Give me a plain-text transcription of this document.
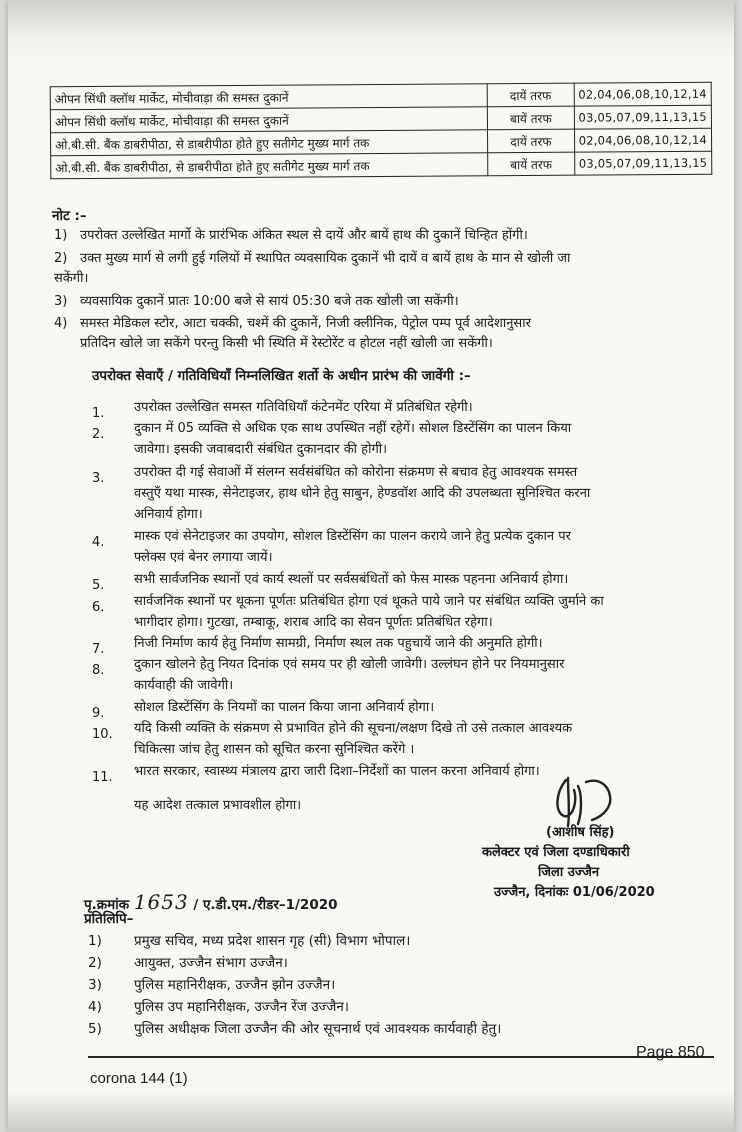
ओपन सिंधी क्लॉथ मार्केट, मोचीवाड़ा की समस्त दुकानें	दायें तरफ	02,04,06,08,10,12,14
ओपन सिंधी क्लॉथ मार्केट, मोचीवाड़ा की समस्त दुकानें	बायें तरफ	03,05,07,09,11,13,15
ओ.बी.सी. बैंक डाबरीपीठा, से डाबरीपीठा होते हुए सतीगेट मुख्य मार्ग तक	दायें तरफ	02,04,06,08,10,12,14
ओ.बी.सी. बैंक डाबरीपीठा, से डाबरीपीठा होते हुए सतीगेट मुख्य मार्ग तक	बायें तरफ	03,05,07,09,11,13,15
नोट :–
1) उपरोक्त उल्लेखित मार्गो के प्रारंभिक अंकित स्थल से दायें और बायें हाथ की दुकानें चिन्हित होंगी।
2) उक्त मुख्य मार्ग से लगी हुई गलियों में स्थापित व्यवसायिक दुकानें भी दायें व बायें हाथ के मान से खोली जा
सकेंगी।
3) व्यवसायिक दुकानें प्रातः 10:00 बजे से सायं 05:30 बजे तक खोली जा सकेंगी।
4) समस्त मेडिकल स्टोर, आटा चक्की, चश्में की दुकानें, निजी क्लीनिक, पेट्रोल पम्प पूर्व आदेशानुसार
प्रतिदिन खोले जा सकेंगे परन्तु किसी भी स्थिति में रेस्टोरेंट व होटल नहीं खोली जा सकेंगी।
उपरोक्त सेवाएँ / गतिविधियाँ निम्नलिखित शर्तो के अधीन प्रारंभ की जावेंगी :–
1. उपरोक्त उल्लेखित समस्त गतिविधियाँ कंटेनमेंट एरिया में प्रतिबंधित रहेगी।
2. दुकान में 05 व्यक्ति से अधिक एक साथ उपस्थित नहीं रहेगें। सोशल डिस्टेंसिंग का पालन किया
जावेगा। इसकी जवाबदारी संबंधित दुकानदार की होगी।
3. उपरोक्त दी गई सेवाओं में संलग्न सर्वसंबंधित को कोरोना संक्रमण से बचाव हेतु आवश्यक समस्त
वस्तुएँ यथा मास्क, सेनेटाइजर, हाथ धोने हेतु साबुन, हेण्डवॉश आदि की उपलब्धता सुनिश्चित करना
अनिवार्य होगा।
4. मास्क एवं सेनेटाइजर का उपयोग, सोशल डिस्टेंसिंग का पालन कराये जाने हेतु प्रत्येक दुकान पर
फ्लेक्स एवं बेनर लगाया जायें।
5. सभी सार्वजनिक स्थानों एवं कार्य स्थलों पर सर्वसबंधितों को फेस मास्क पहनना अनिवार्य होगा।
6. सार्वजनिक स्थानों पर थूकना पूर्णतः प्रतिबंधित होगा एवं थूकते पाये जाने पर संबंधित व्यक्ति जुर्माने का
भागीदार होगा। गुटखा, तम्बाकू, शराब आदि का सेवन पूर्णतः प्रतिबंधित रहेगा।
7. निजी निर्माण कार्य हेतु निर्माण सामग्री, निर्माण स्थल तक पहुचायें जाने की अनुमति होगी।
8. दुकान खोलने हेतु नियत दिनांक एवं समय पर ही खोली जावेगी। उल्लंघन होने पर नियमानुसार
कार्यवाही की जावेगी।
9. सोशल डिस्टेंसिंग के नियमों का पालन किया जाना अनिवार्य होगा।
10. यदि किसी व्यक्ति के संक्रमण से प्रभावित होने की सूचना/लक्षण दिखे तो उसे तत्काल आवश्यक
चिकित्सा जांच हेतु शासन को सूचित करना सुनिश्चित करेंगे ।
11. भारत सरकार, स्वास्थ्य मंत्रालय द्वारा जारी दिशा–निर्देशों का पालन करना अनिवार्य होगा।
यह आदेश तत्काल प्रभावशील होगा।
(आशीष सिंह)
कलेक्टर एवं जिला दण्डाधिकारी
जिला उज्जैन
उज्जैन, दिनांकः 01/06/2020
पृ.क्रमांक 1653 / ए.डी.एम./रीडर–1/2020
प्रतिलिपि–
1) प्रमुख सचिव, मध्य प्रदेश शासन गृह (सी) विभाग भोपाल।
2) आयुक्त, उज्जैन संभाग उज्जैन।
3) पुलिस महानिरीक्षक, उज्जैन झोन उज्जैन।
4) पुलिस उप महानिरीक्षक, उज्जैन रेंज उज्जैन।
5) पुलिस अधीक्षक जिला उज्जैन की ओर सूचनार्थ एवं आवश्यक कार्यवाही हेतु।
corona 144 (1)
Page 850
